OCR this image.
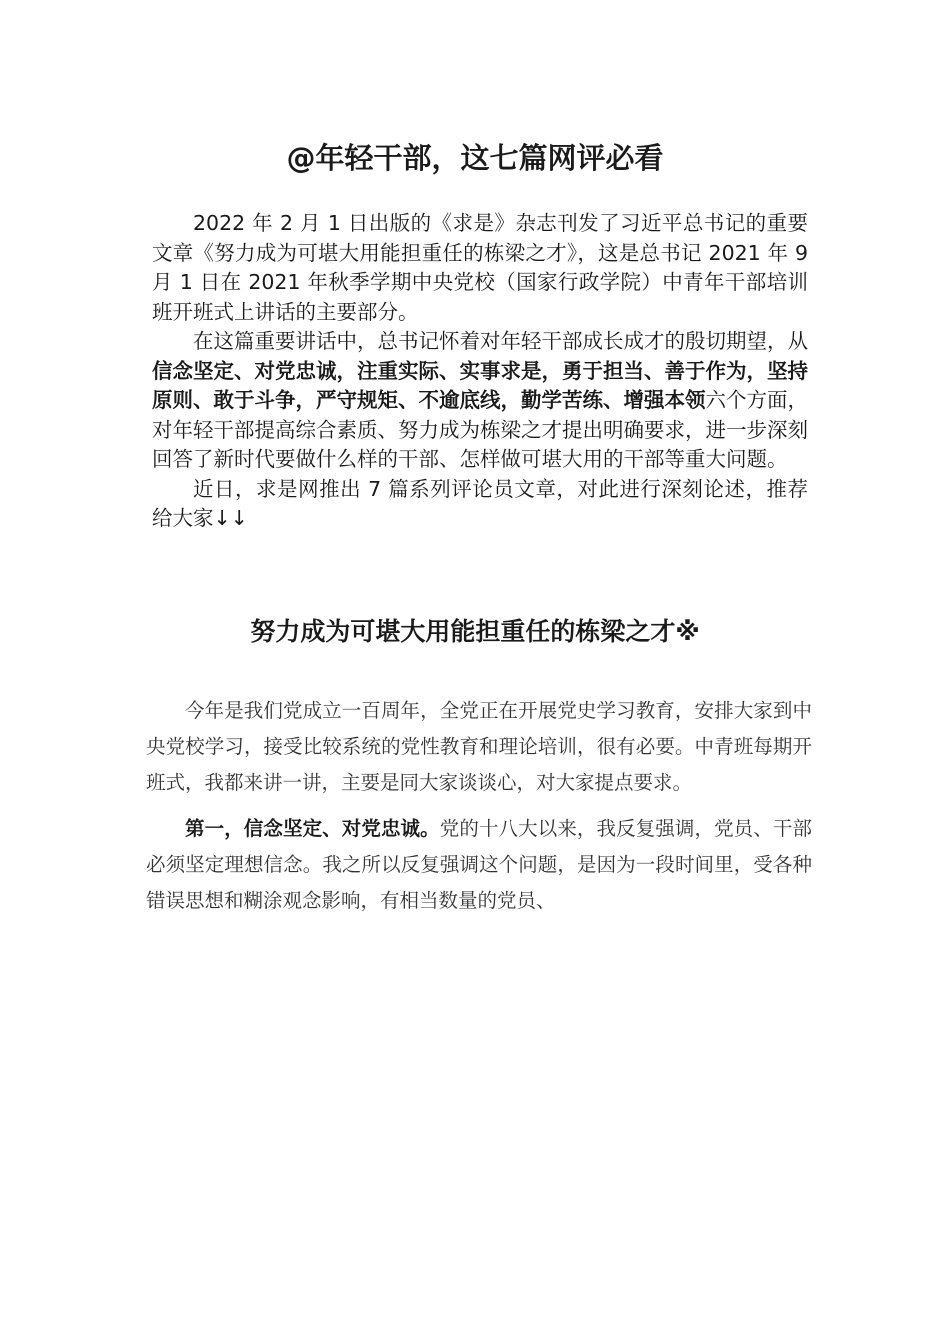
@年轻干部，这七篇网评必看

2022 年 2 月 1 日出版的《求是》杂志刊发了习近平总书记的重要文章《努力成为可堪大用能担重任的栋梁之才》，这是总书记 2021 年 9 月 1 日在 2021 年秋季学期中央党校（国家行政学院）中青年干部培训班开班式上讲话的主要部分。

在这篇重要讲话中，总书记怀着对年轻干部成长成才的殷切期望，从信念坚定、对党忠诚，注重实际、实事求是，勇于担当、善于作为，坚持原则、敢于斗争，严守规矩、不逾底线，勤学苦练、增强本领六个方面，对年轻干部提高综合素质、努力成为栋梁之才提出明确要求，进一步深刻回答了新时代要做什么样的干部、怎样做可堪大用的干部等重大问题。

近日，求是网推出 7 篇系列评论员文章，对此进行深刻论述，推荐给大家↓↓

努力成为可堪大用能担重任的栋梁之才※

今年是我们党成立一百周年，全党正在开展党史学习教育，安排大家到中央党校学习，接受比较系统的党性教育和理论培训，很有必要。中青班每期开班式，我都来讲一讲，主要是同大家谈谈心，对大家提点要求。

第一，信念坚定、对党忠诚。党的十八大以来，我反复强调，党员、干部必须坚定理想信念。我之所以反复强调这个问题，是因为一段时间里，受各种错误思想和糊涂观念影响，有相当数量的党员、
